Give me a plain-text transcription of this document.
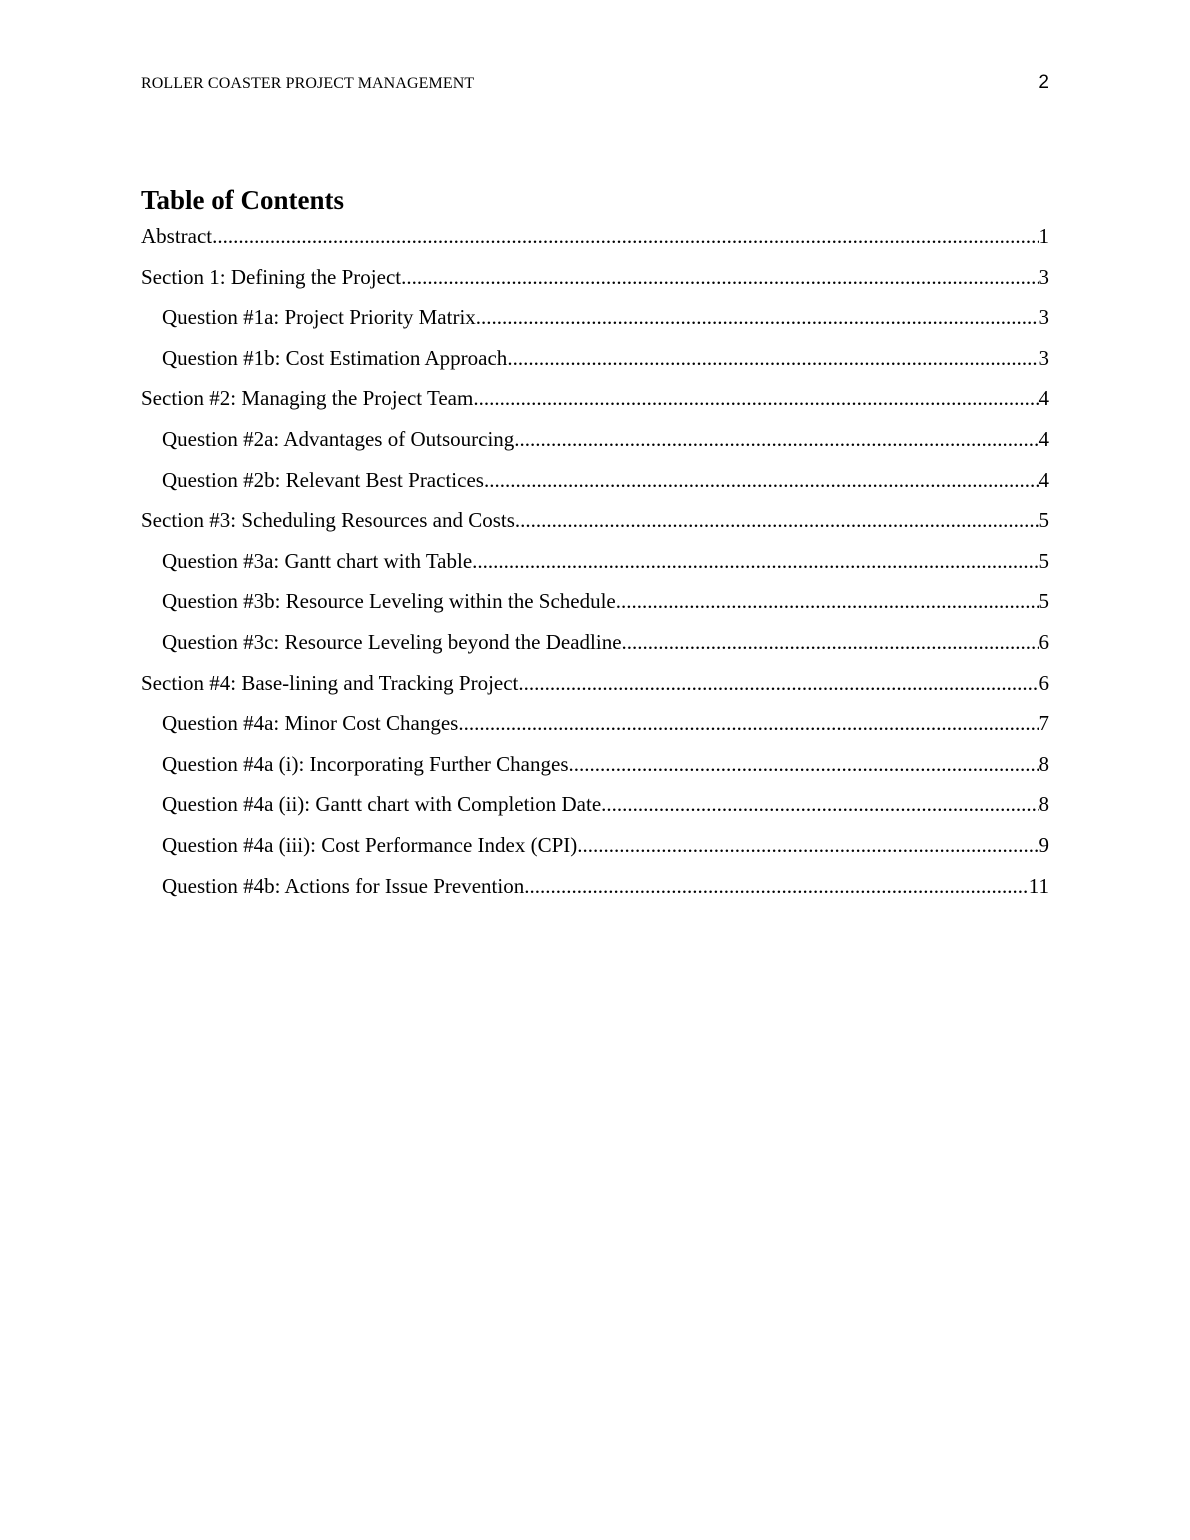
ROLLER COASTER PROJECT MANAGEMENT	2
Table of Contents
Abstract .....	1
Section 1: Defining the Project .....	3
Question #1a: Project Priority Matrix .....	3
Question #1b: Cost Estimation Approach .....	3
Section #2: Managing the Project Team .....	4
Question #2a: Advantages of Outsourcing .....	4
Question #2b: Relevant Best Practices .....	4
Section #3: Scheduling Resources and Costs .....	5
Question #3a: Gantt chart with Table .....	5
Question #3b: Resource Leveling within the Schedule .....	5
Question #3c: Resource Leveling beyond the Deadline .....	6
Section #4: Base-lining and Tracking Project .....	6
Question #4a: Minor Cost Changes .....	7
Question #4a (i): Incorporating Further Changes .....	8
Question #4a (ii): Gantt chart with Completion Date .....	8
Question #4a (iii): Cost Performance Index (CPI) .....	9
Question #4b: Actions for Issue Prevention .....	11
